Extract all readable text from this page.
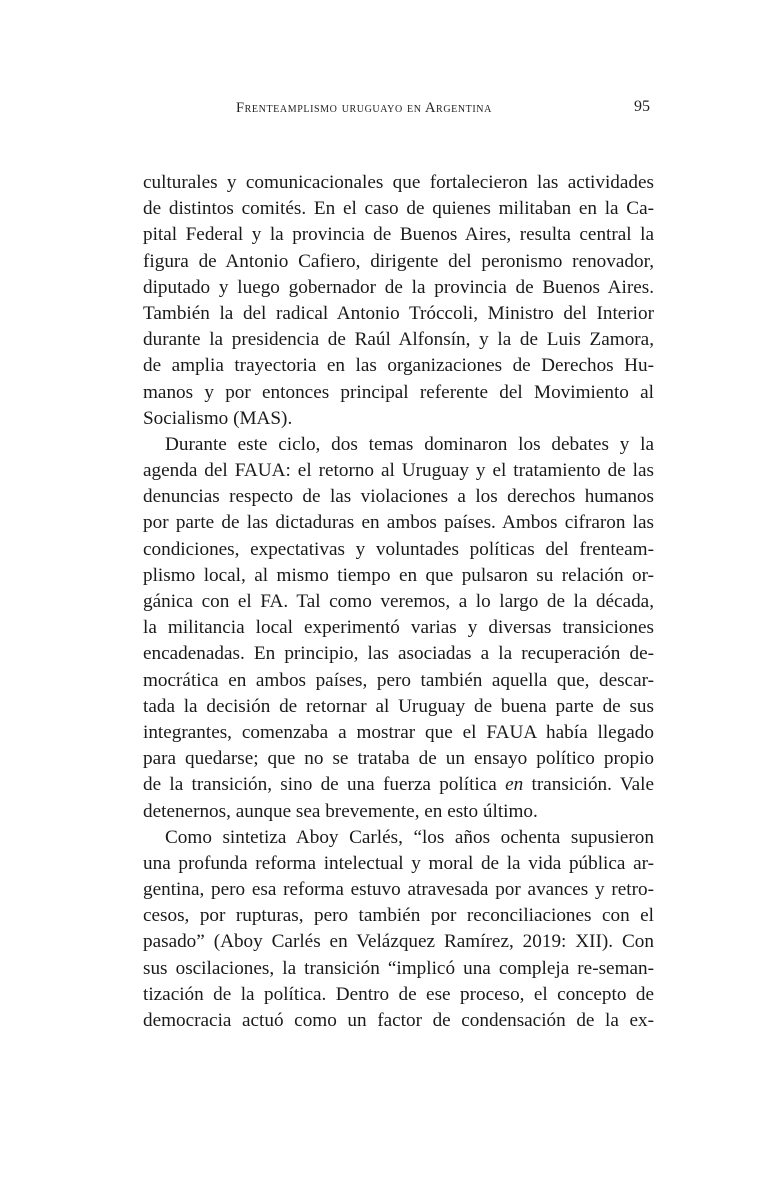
Frenteamplismo uruguayo en Argentina	95
culturales y comunicacionales que fortalecieron las actividades
de distintos comités. En el caso de quienes militaban en la Ca-
pital Federal y la provincia de Buenos Aires, resulta central la
figura de Antonio Cafiero, dirigente del peronismo renovador,
diputado y luego gobernador de la provincia de Buenos Aires.
También la del radical Antonio Tróccoli, Ministro del Interior
durante la presidencia de Raúl Alfonsín, y la de Luis Zamora,
de amplia trayectoria en las organizaciones de Derechos Hu-
manos y por entonces principal referente del Movimiento al
Socialismo (MAS).
Durante este ciclo, dos temas dominaron los debates y la
agenda del FAUA: el retorno al Uruguay y el tratamiento de las
denuncias respecto de las violaciones a los derechos humanos
por parte de las dictaduras en ambos países. Ambos cifraron las
condiciones, expectativas y voluntades políticas del frenteam-
plismo local, al mismo tiempo en que pulsaron su relación or-
gánica con el FA. Tal como veremos, a lo largo de la década,
la militancia local experimentó varias y diversas transiciones
encadenadas. En principio, las asociadas a la recuperación de-
mocrática en ambos países, pero también aquella que, descar-
tada la decisión de retornar al Uruguay de buena parte de sus
integrantes, comenzaba a mostrar que el FAUA había llegado
para quedarse; que no se trataba de un ensayo político propio
de la transición, sino de una fuerza política en transición. Vale
detenernos, aunque sea brevemente, en esto último.
Como sintetiza Aboy Carlés, “los años ochenta supusieron
una profunda reforma intelectual y moral de la vida pública ar-
gentina, pero esa reforma estuvo atravesada por avances y retro-
cesos, por rupturas, pero también por reconciliaciones con el
pasado” (Aboy Carlés en Velázquez Ramírez, 2019: XII). Con
sus oscilaciones, la transición “implicó una compleja re-seman-
tización de la política. Dentro de ese proceso, el concepto de
democracia actuó como un factor de condensación de la ex-
